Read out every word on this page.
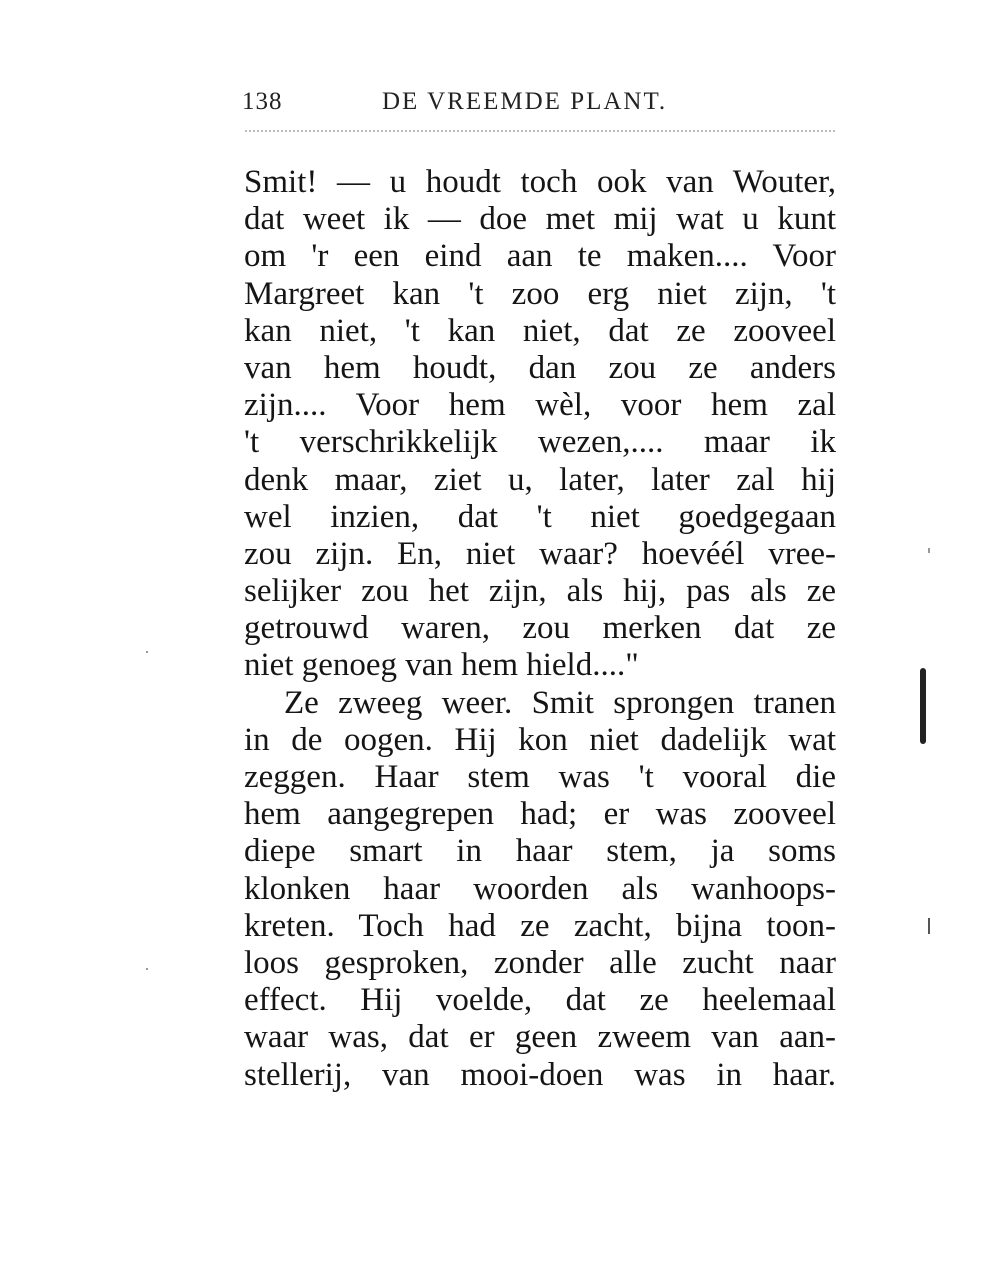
138	DE VREEMDE PLANT.
Smit! — u houdt toch ook van Wouter,
dat weet ik — doe met mij wat u kunt
om 'r een eind aan te maken.... Voor
Margreet kan 't zoo erg niet zijn, 't
kan niet, 't kan niet, dat ze zooveel
van hem houdt, dan zou ze anders
zijn.... Voor hem wèl, voor hem zal
't verschrikkelijk wezen,.... maar ik
denk maar, ziet u, later, later zal hij
wel inzien, dat 't niet goedgegaan
zou zijn. En, niet waar? hoevéél vree-
selijker zou het zijn, als hij, pas als ze
getrouwd waren, zou merken dat ze
niet genoeg van hem hield...."
Ze zweeg weer. Smit sprongen tranen
in de oogen. Hij kon niet dadelijk wat
zeggen. Haar stem was 't vooral die
hem aangegrepen had; er was zooveel
diepe smart in haar stem, ja soms
klonken haar woorden als wanhoops-
kreten. Toch had ze zacht, bijna toon-
loos gesproken, zonder alle zucht naar
effect. Hij voelde, dat ze heelemaal
waar was, dat er geen zweem van aan-
stellerij, van mooi-doen was in haar.
